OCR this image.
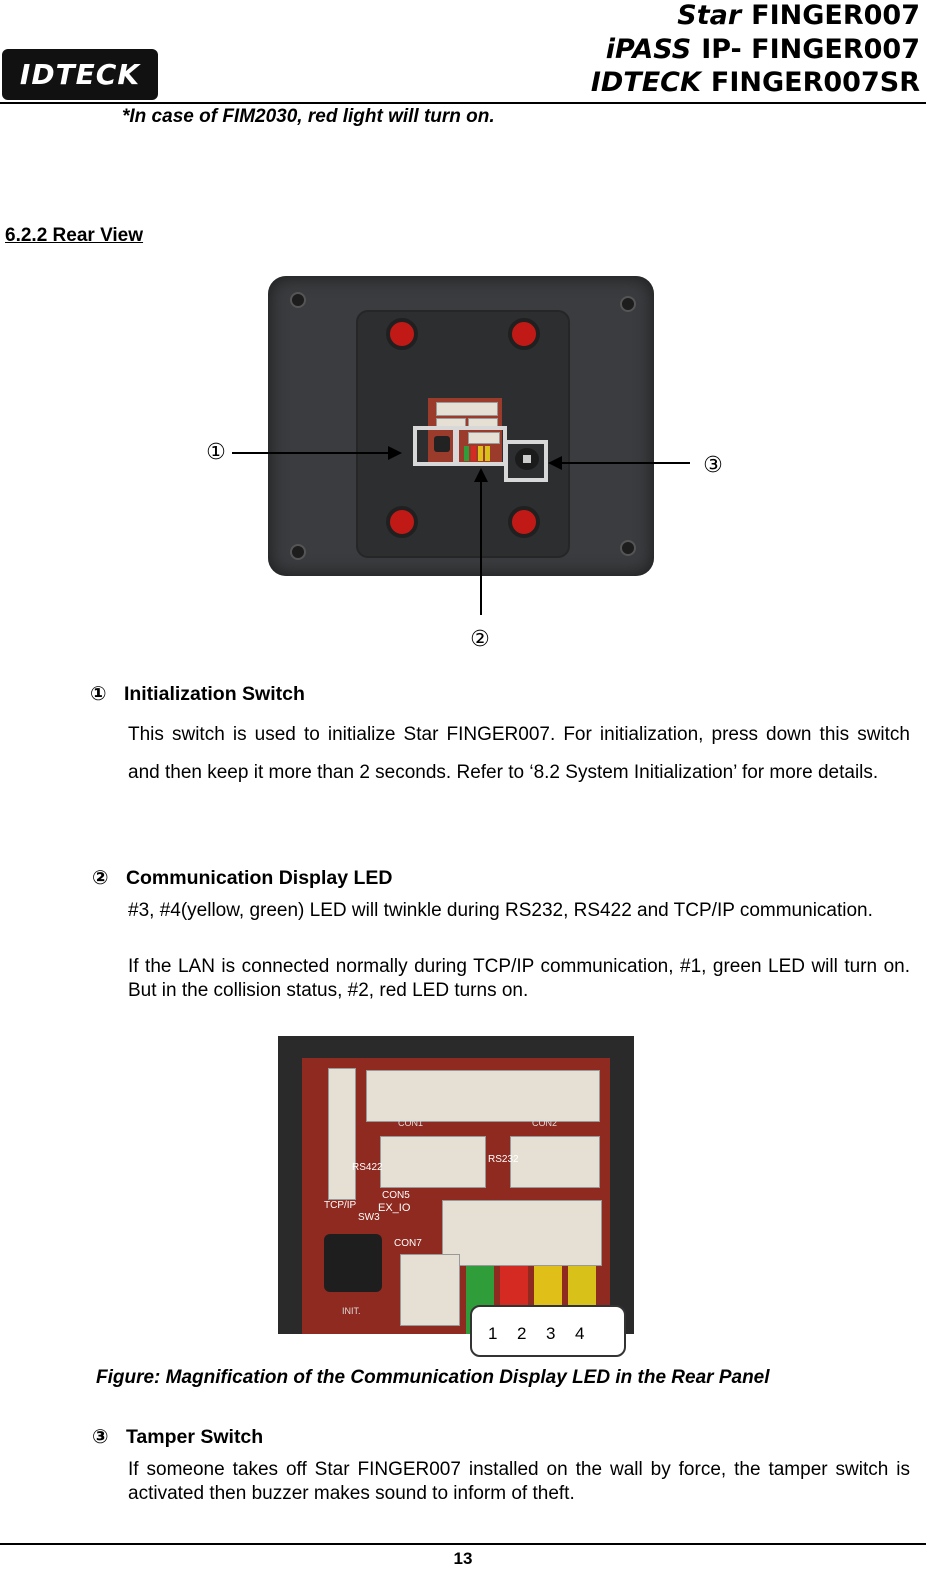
IDTECK
Star FINGER007
iPASS IP- FINGER007
IDTECK FINGER007SR
*In case of FIM2030, red light will turn on.
6.2.2 Rear View
①
②
③
① Initialization Switch
This switch is used to initialize Star FINGER007. For initialization, press down this switch and then keep it more than 2 seconds. Refer to ‘8.2 System Initialization’ for more details.
② Communication Display LED
#3, #4(yellow, green) LED will twinkle during RS232, RS422 and TCP/IP communication.
If the LAN is connected normally during TCP/IP communication, #1, green LED will turn on. But in the collision status, #2, red LED turns on.
TCP/IP
SW3
CON5
EX_IO
CON1	CON2
RS232
RS422
CON7
INIT.
1 2 3 4
Figure: Magnification of the Communication Display LED in the Rear Panel
③ Tamper Switch
If someone takes off Star FINGER007 installed on the wall by force, the tamper switch is activated then buzzer makes sound to inform of theft.
13
